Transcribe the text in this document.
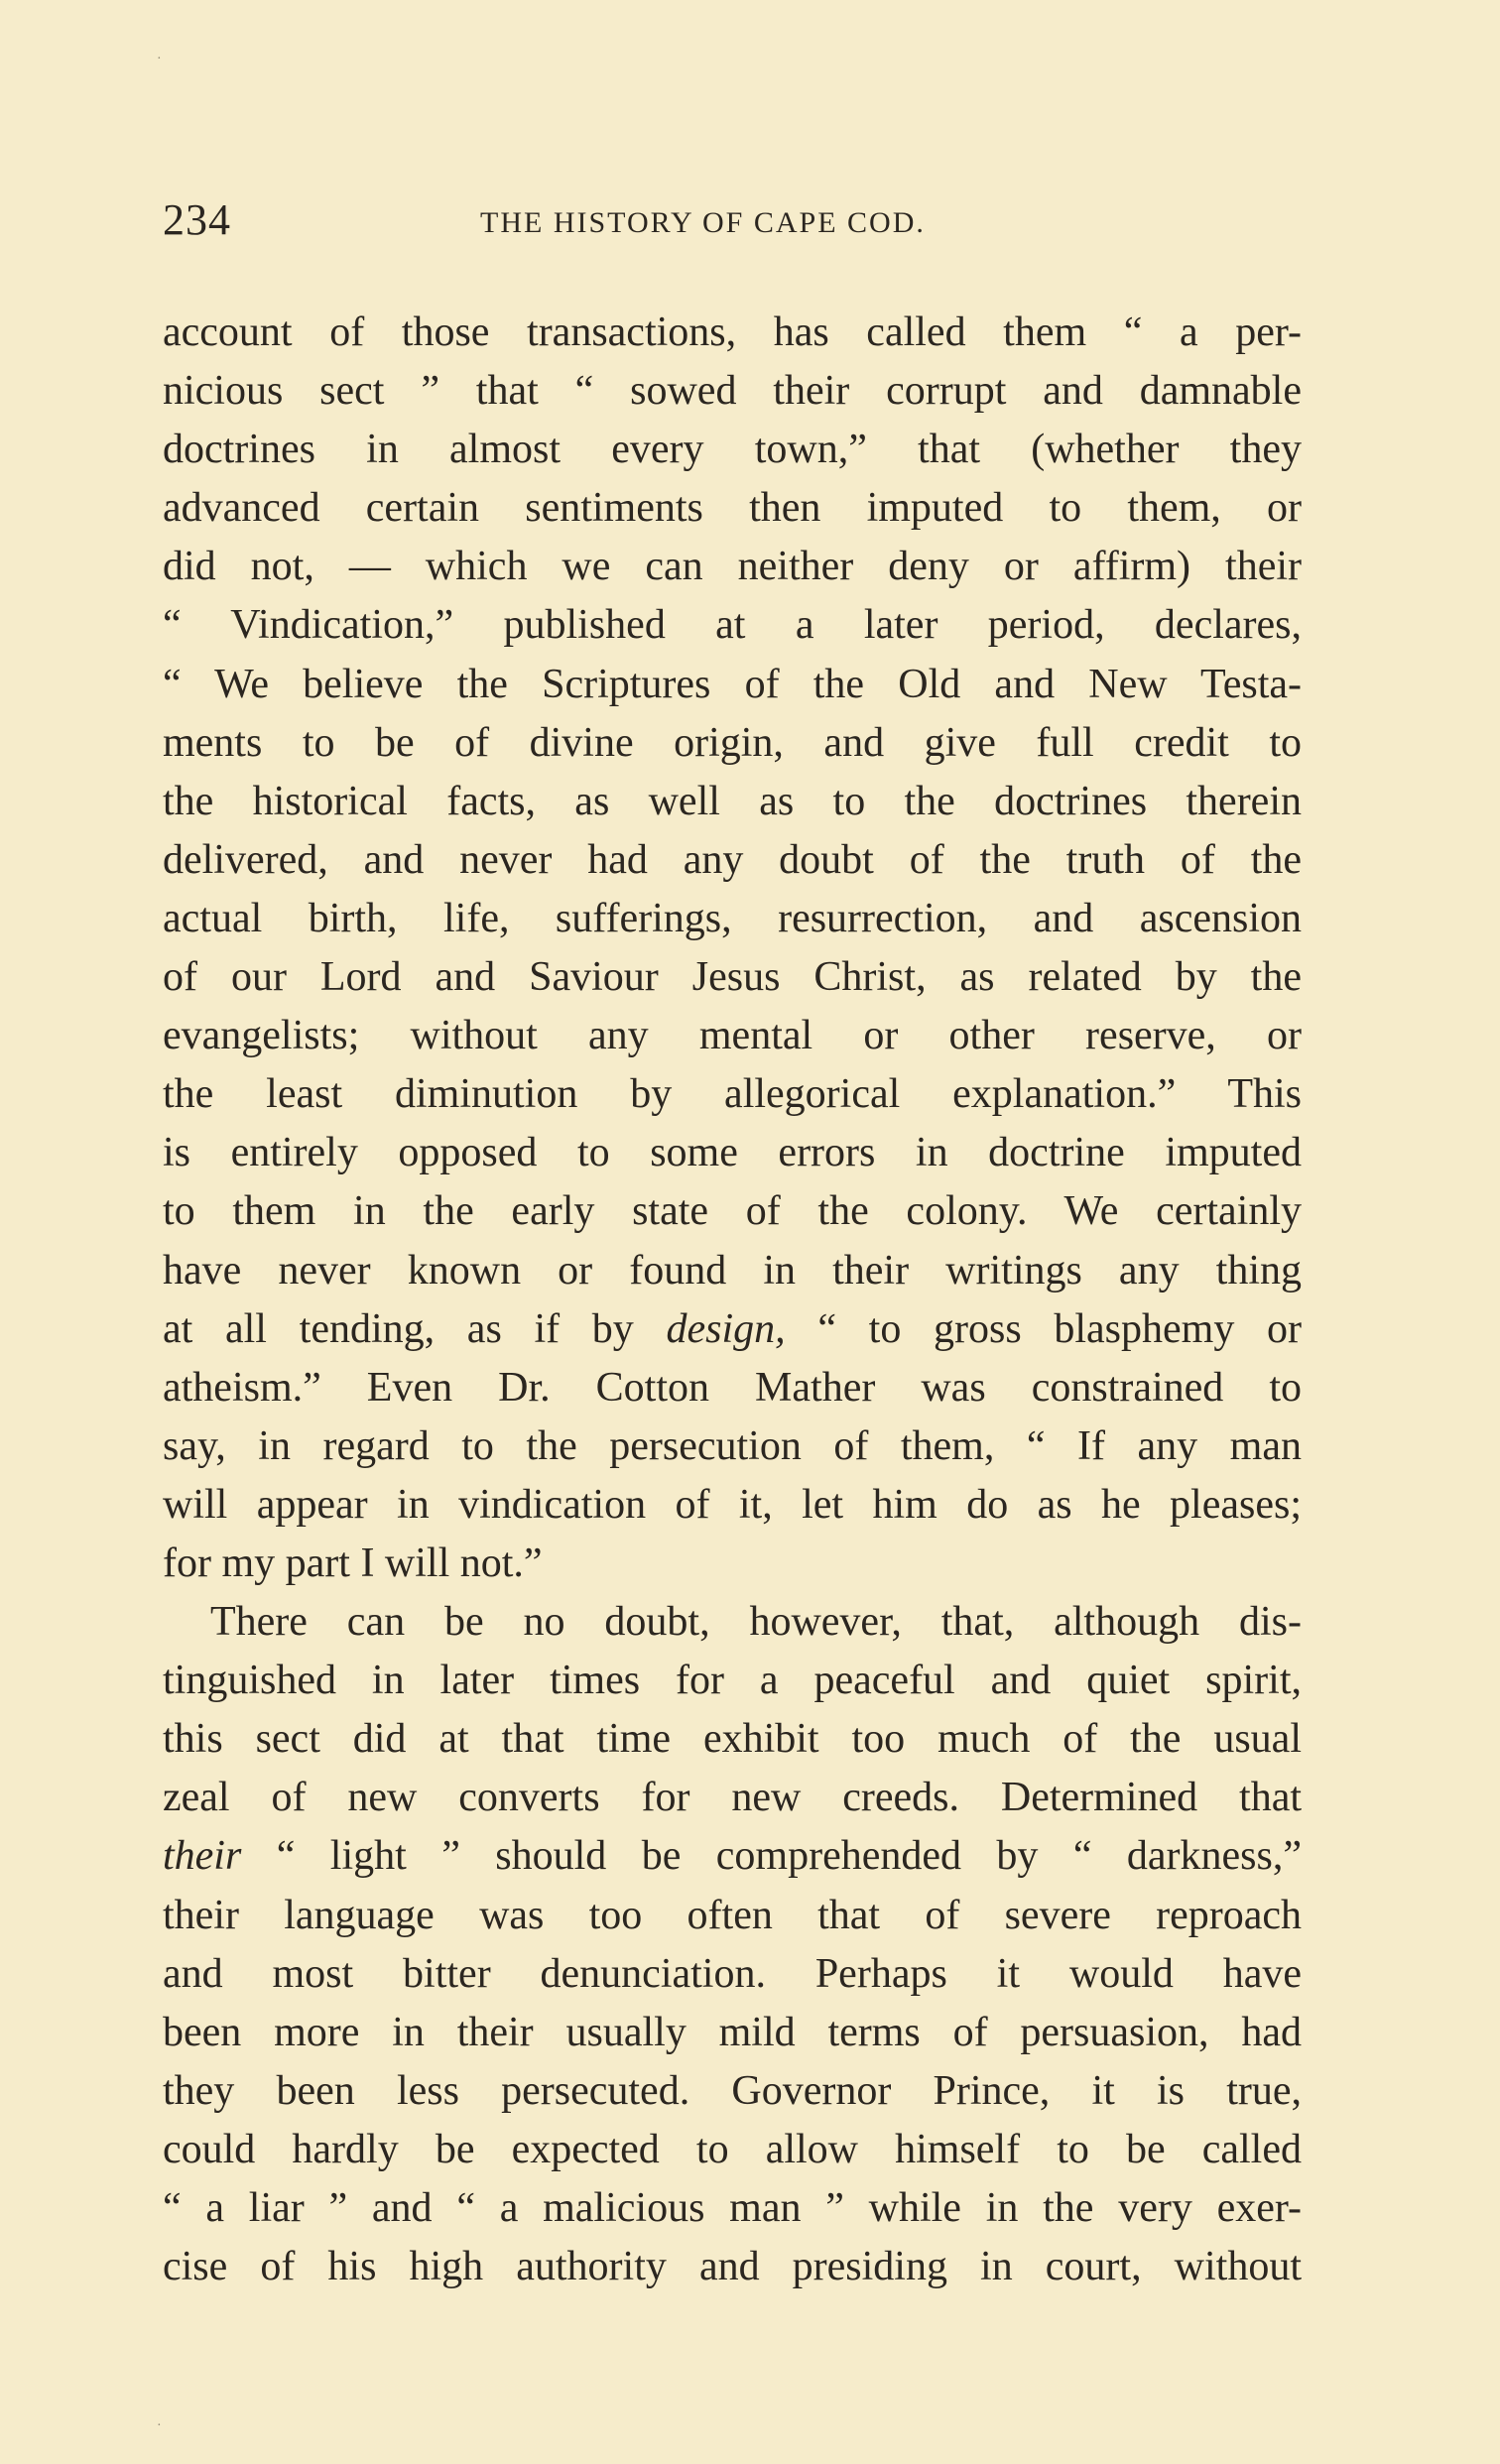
·
234	THE HISTORY OF CAPE COD.
account of those transactions, has called them “ a per-
nicious sect ” that “ sowed their corrupt and damnable
doctrines in almost every town,” that (whether they
advanced certain sentiments then imputed to them, or
did not, — which we can neither deny or affirm) their
“ Vindication,” published at a later period, declares,
“ We believe the Scriptures of the Old and New Testa-
ments to be of divine origin, and give full credit to
the historical facts, as well as to the doctrines therein
delivered, and never had any doubt of the truth of the
actual birth, life, sufferings, resurrection, and ascension
of our Lord and Saviour Jesus Christ, as related by the
evangelists; without any mental or other reserve, or
the least diminution by allegorical explanation.” This
is entirely opposed to some errors in doctrine imputed
to them in the early state of the colony. We certainly
have never known or found in their writings any thing
at all tending, as if by design, “ to gross blasphemy or
atheism.” Even Dr. Cotton Mather was constrained to
say, in regard to the persecution of them, “ If any man
will appear in vindication of it, let him do as he pleases;
for my part I will not.”
There can be no doubt, however, that, although dis-
tinguished in later times for a peaceful and quiet spirit,
this sect did at that time exhibit too much of the usual
zeal of new converts for new creeds. Determined that
their “ light ” should be comprehended by “ darkness,”
their language was too often that of severe reproach
and most bitter denunciation. Perhaps it would have
been more in their usually mild terms of persuasion, had
they been less persecuted. Governor Prince, it is true,
could hardly be expected to allow himself to be called
“ a liar ” and “ a malicious man ” while in the very exer-
cise of his high authority and presiding in court, without
·
